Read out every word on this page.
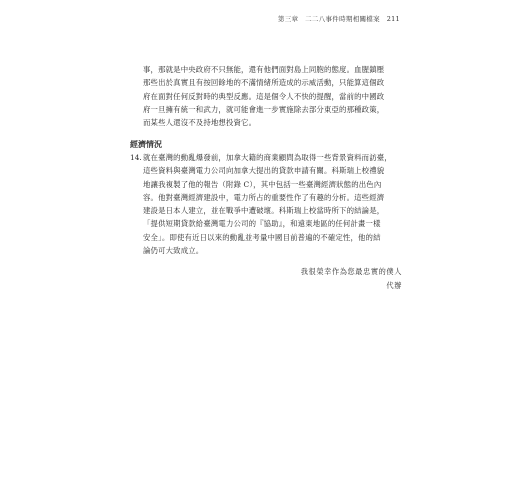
第三章　二二八事件時期相關檔案　211
事，那就是中央政府不只無能，還有他們面對島上同胞的態度。血腥鎮壓
那些出於真實且有按回餘地的不滿情緒所造成的示威活動，只能算這個政
府在面對任何反對時的典型反應。這是個令人不快的提醒，當前的中國政
府一旦擁有統一和武力，就可能會進一步實施除去部分東亞的那種政策，
而某些人還沒不及持地想投資它。
經濟情況
14. 就在臺灣的動亂爆發前，加拿大籍的商業顧問為取得一些背景資料而訪臺，
這些資料與臺灣電力公司向加拿大提出的貸款申請有關。科斯瑞上校禮貌
地讓我複製了他的報告（附錄 C），其中包括一些臺灣經濟狀態的出色內
容。他對臺灣經濟建設中，電力所占的重要性作了有趣的分析。這些經濟
建設是日本人建立，並在戰爭中遭破壞。科斯瑞上校當時所下的結論是，
「提供短期貸款給臺灣電力公司的『協助』，和遠東地區的任何計畫一樣
安全」。即使有近日以來的動亂並考量中國目前普遍的不確定性，他的結
論仍可大致成立。
我很榮幸作為您最忠實的僕人
代辦
